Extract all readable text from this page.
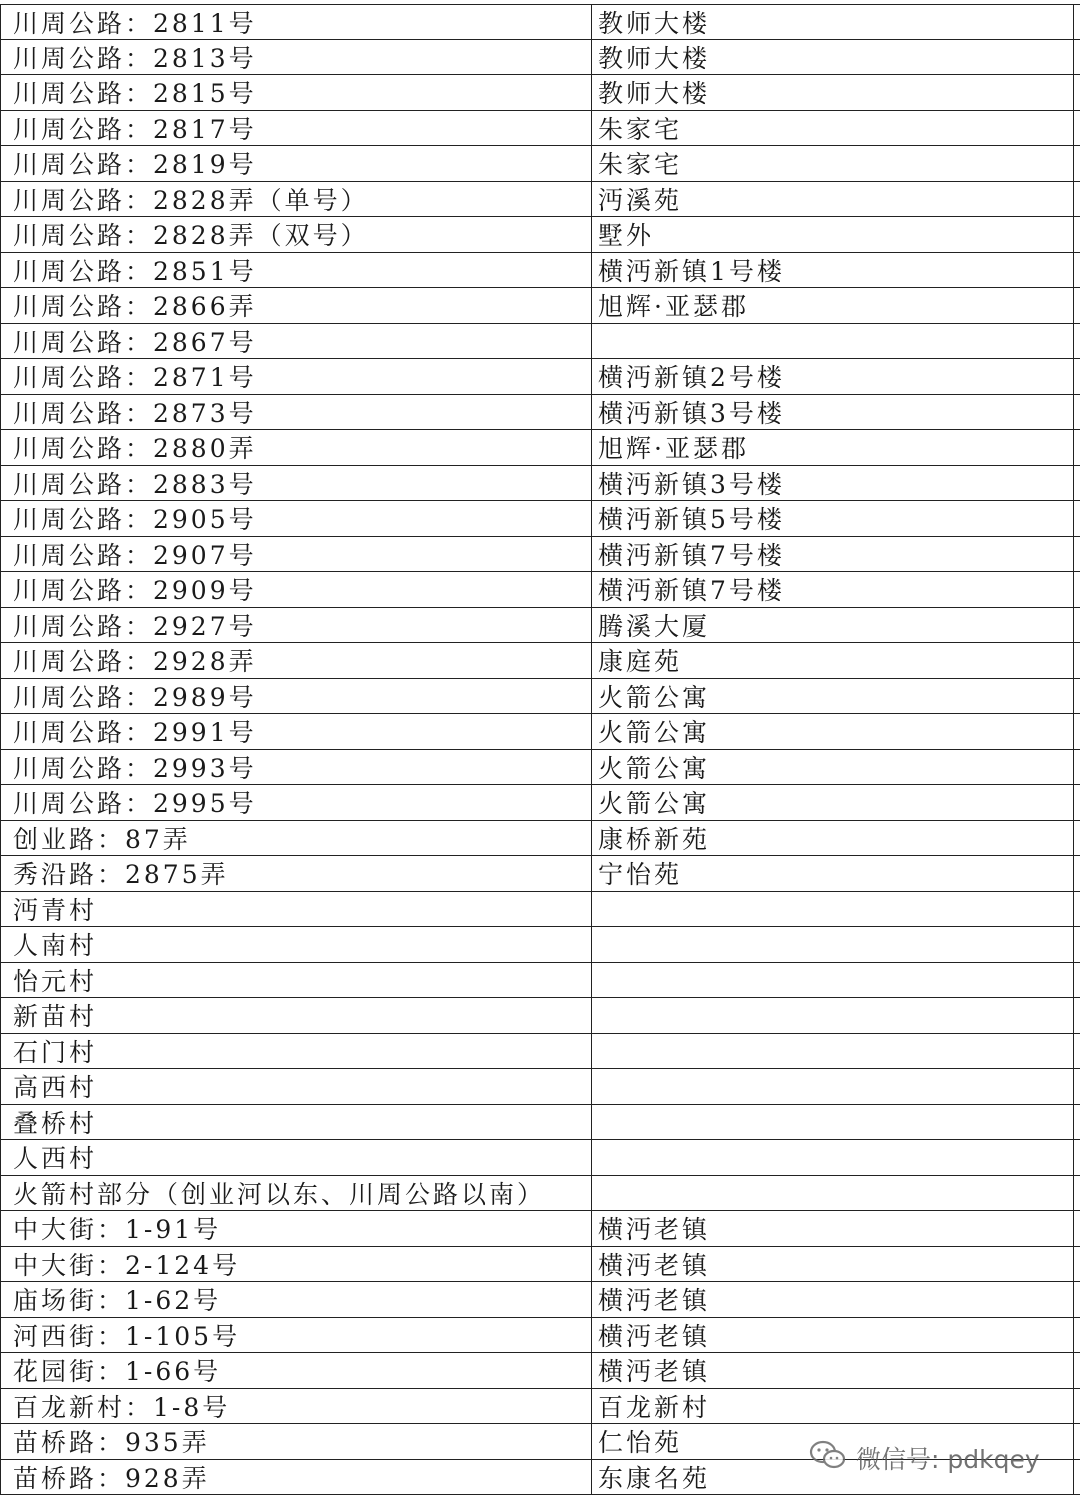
川周公路：2811号	教师大楼
川周公路：2813号	教师大楼
川周公路：2815号	教师大楼
川周公路：2817号	朱家宅
川周公路：2819号	朱家宅
川周公路：2828弄（单号）	沔溪苑
川周公路：2828弄（双号）	墅外
川周公路：2851号	横沔新镇1号楼
川周公路：2866弄	旭辉·亚瑟郡
川周公路：2867号
川周公路：2871号	横沔新镇2号楼
川周公路：2873号	横沔新镇3号楼
川周公路：2880弄	旭辉·亚瑟郡
川周公路：2883号	横沔新镇3号楼
川周公路：2905号	横沔新镇5号楼
川周公路：2907号	横沔新镇7号楼
川周公路：2909号	横沔新镇7号楼
川周公路：2927号	腾溪大厦
川周公路：2928弄	康庭苑
川周公路：2989号	火箭公寓
川周公路：2991号	火箭公寓
川周公路：2993号	火箭公寓
川周公路：2995号	火箭公寓
创业路：87弄	康桥新苑
秀沿路：2875弄	宁怡苑
沔青村
人南村
怡元村
新苗村
石门村
高西村
叠桥村
人西村
火箭村部分（创业河以东、川周公路以南）
中大街：1-91号	横沔老镇
中大街：2-124号	横沔老镇
庙场街：1-62号	横沔老镇
河西街：1-105号	横沔老镇
花园街：1-66号	横沔老镇
百龙新村：1-8号	百龙新村
苗桥路：935弄	仁怡苑
苗桥路：928弄	东康名苑
微信号: pdkqey
